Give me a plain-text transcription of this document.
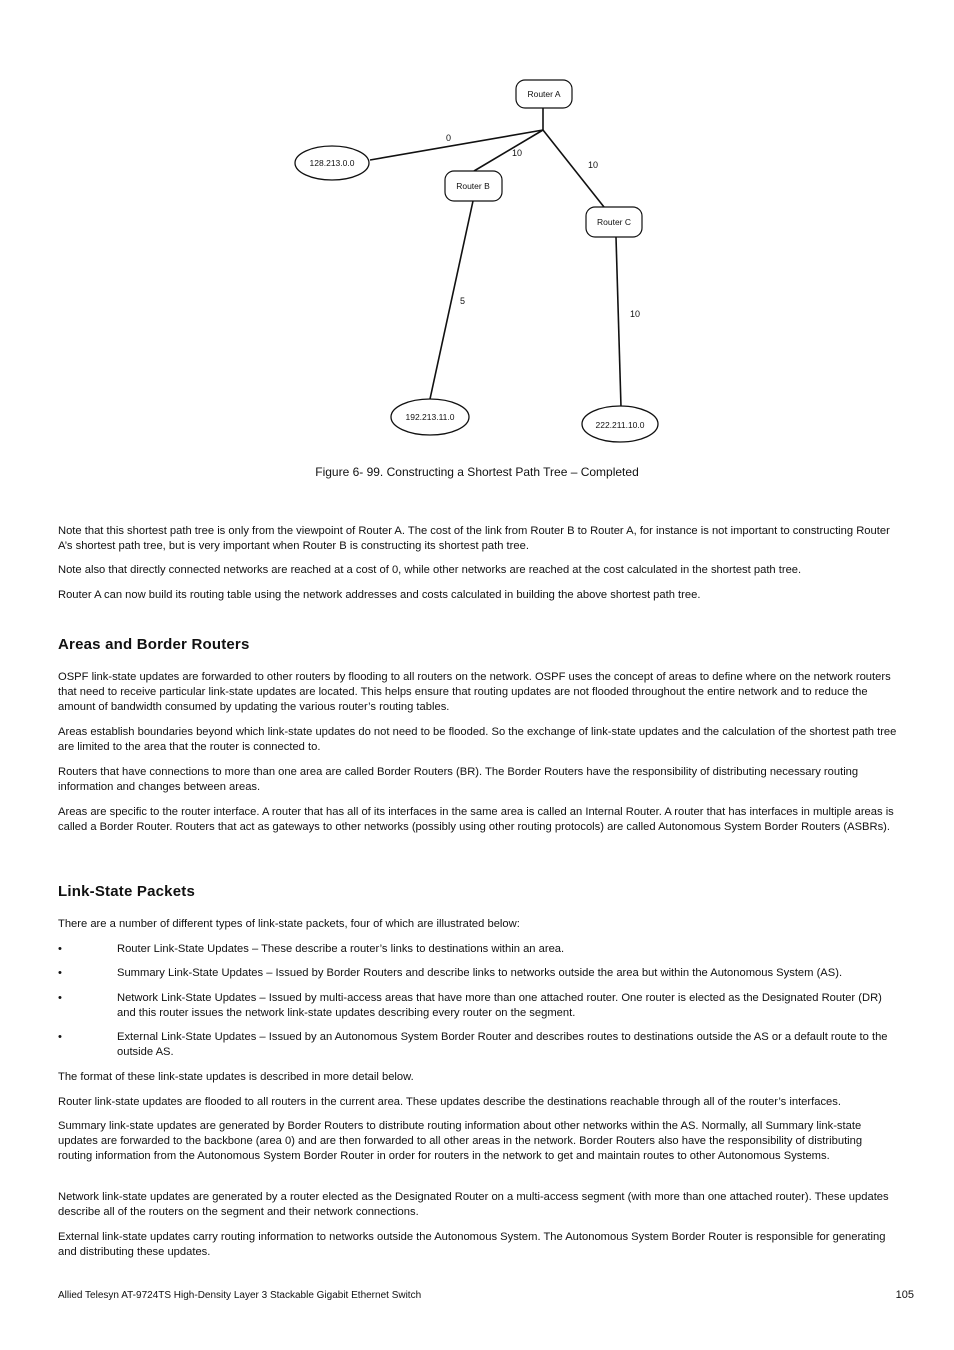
Router A
Router B
Router C
128.213.0.0
192.213.11.0
222.211.10.0
0
10
10
5
10

Figure 6- 99. Constructing a Shortest Path Tree – Completed

Note that this shortest path tree is only from the viewpoint of Router A. The cost of the link from Router B to Router A, for instance is not important to constructing Router A’s shortest path tree, but is very important when Router B is constructing its shortest path tree.

Note also that directly connected networks are reached at a cost of 0, while other networks are reached at the cost calculated in the shortest path tree.

Router A can now build its routing table using the network addresses and costs calculated in building the above shortest path tree.

Areas and Border Routers

OSPF link-state updates are forwarded to other routers by flooding to all routers on the network. OSPF uses the concept of areas to define where on the network routers that need to receive particular link-state updates are located. This helps ensure that routing updates are not flooded throughout the entire network and to reduce the amount of bandwidth consumed by updating the various router’s routing tables.

Areas establish boundaries beyond which link-state updates do not need to be flooded. So the exchange of link-state updates and the calculation of the shortest path tree are limited to the area that the router is connected to.

Routers that have connections to more than one area are called Border Routers (BR). The Border Routers have the responsibility of distributing necessary routing information and changes between areas.

Areas are specific to the router interface. A router that has all of its interfaces in the same area is called an Internal Router. A router that has interfaces in multiple areas is called a Border Router. Routers that act as gateways to other networks (possibly using other routing protocols) are called Autonomous System Border Routers (ASBRs).

Link-State Packets

There are a number of different types of link-state packets, four of which are illustrated below:

•	Router Link-State Updates – These describe a router’s links to destinations within an area.

•	Summary Link-State Updates – Issued by Border Routers and describe links to networks outside the area but within the Autonomous System (AS).

•	Network Link-State Updates – Issued by multi-access areas that have more than one attached router. One router is elected as the Designated Router (DR) and this router issues the network link-state updates describing every router on the segment.

•	External Link-State Updates – Issued by an Autonomous System Border Router and describes routes to destinations outside the AS or a default route to the outside AS.

The format of these link-state updates is described in more detail below.

Router link-state updates are flooded to all routers in the current area. These updates describe the destinations reachable through all of the router’s interfaces.

Summary link-state updates are generated by Border Routers to distribute routing information about other networks within the AS. Normally, all Summary link-state updates are forwarded to the backbone (area 0) and are then forwarded to all other areas in the network. Border Routers also have the responsibility of distributing routing information from the Autonomous System Border Router in order for routers in the network to get and maintain routes to other Autonomous Systems.

Network link-state updates are generated by a router elected as the Designated Router on a multi-access segment (with more than one attached router). These updates describe all of the routers on the segment and their network connections.

External link-state updates carry routing information to networks outside the Autonomous System. The Autonomous System Border Router is responsible for generating and distributing these updates.

Allied Telesyn AT-9724TS High-Density Layer 3 Stackable Gigabit Ethernet Switch	105
